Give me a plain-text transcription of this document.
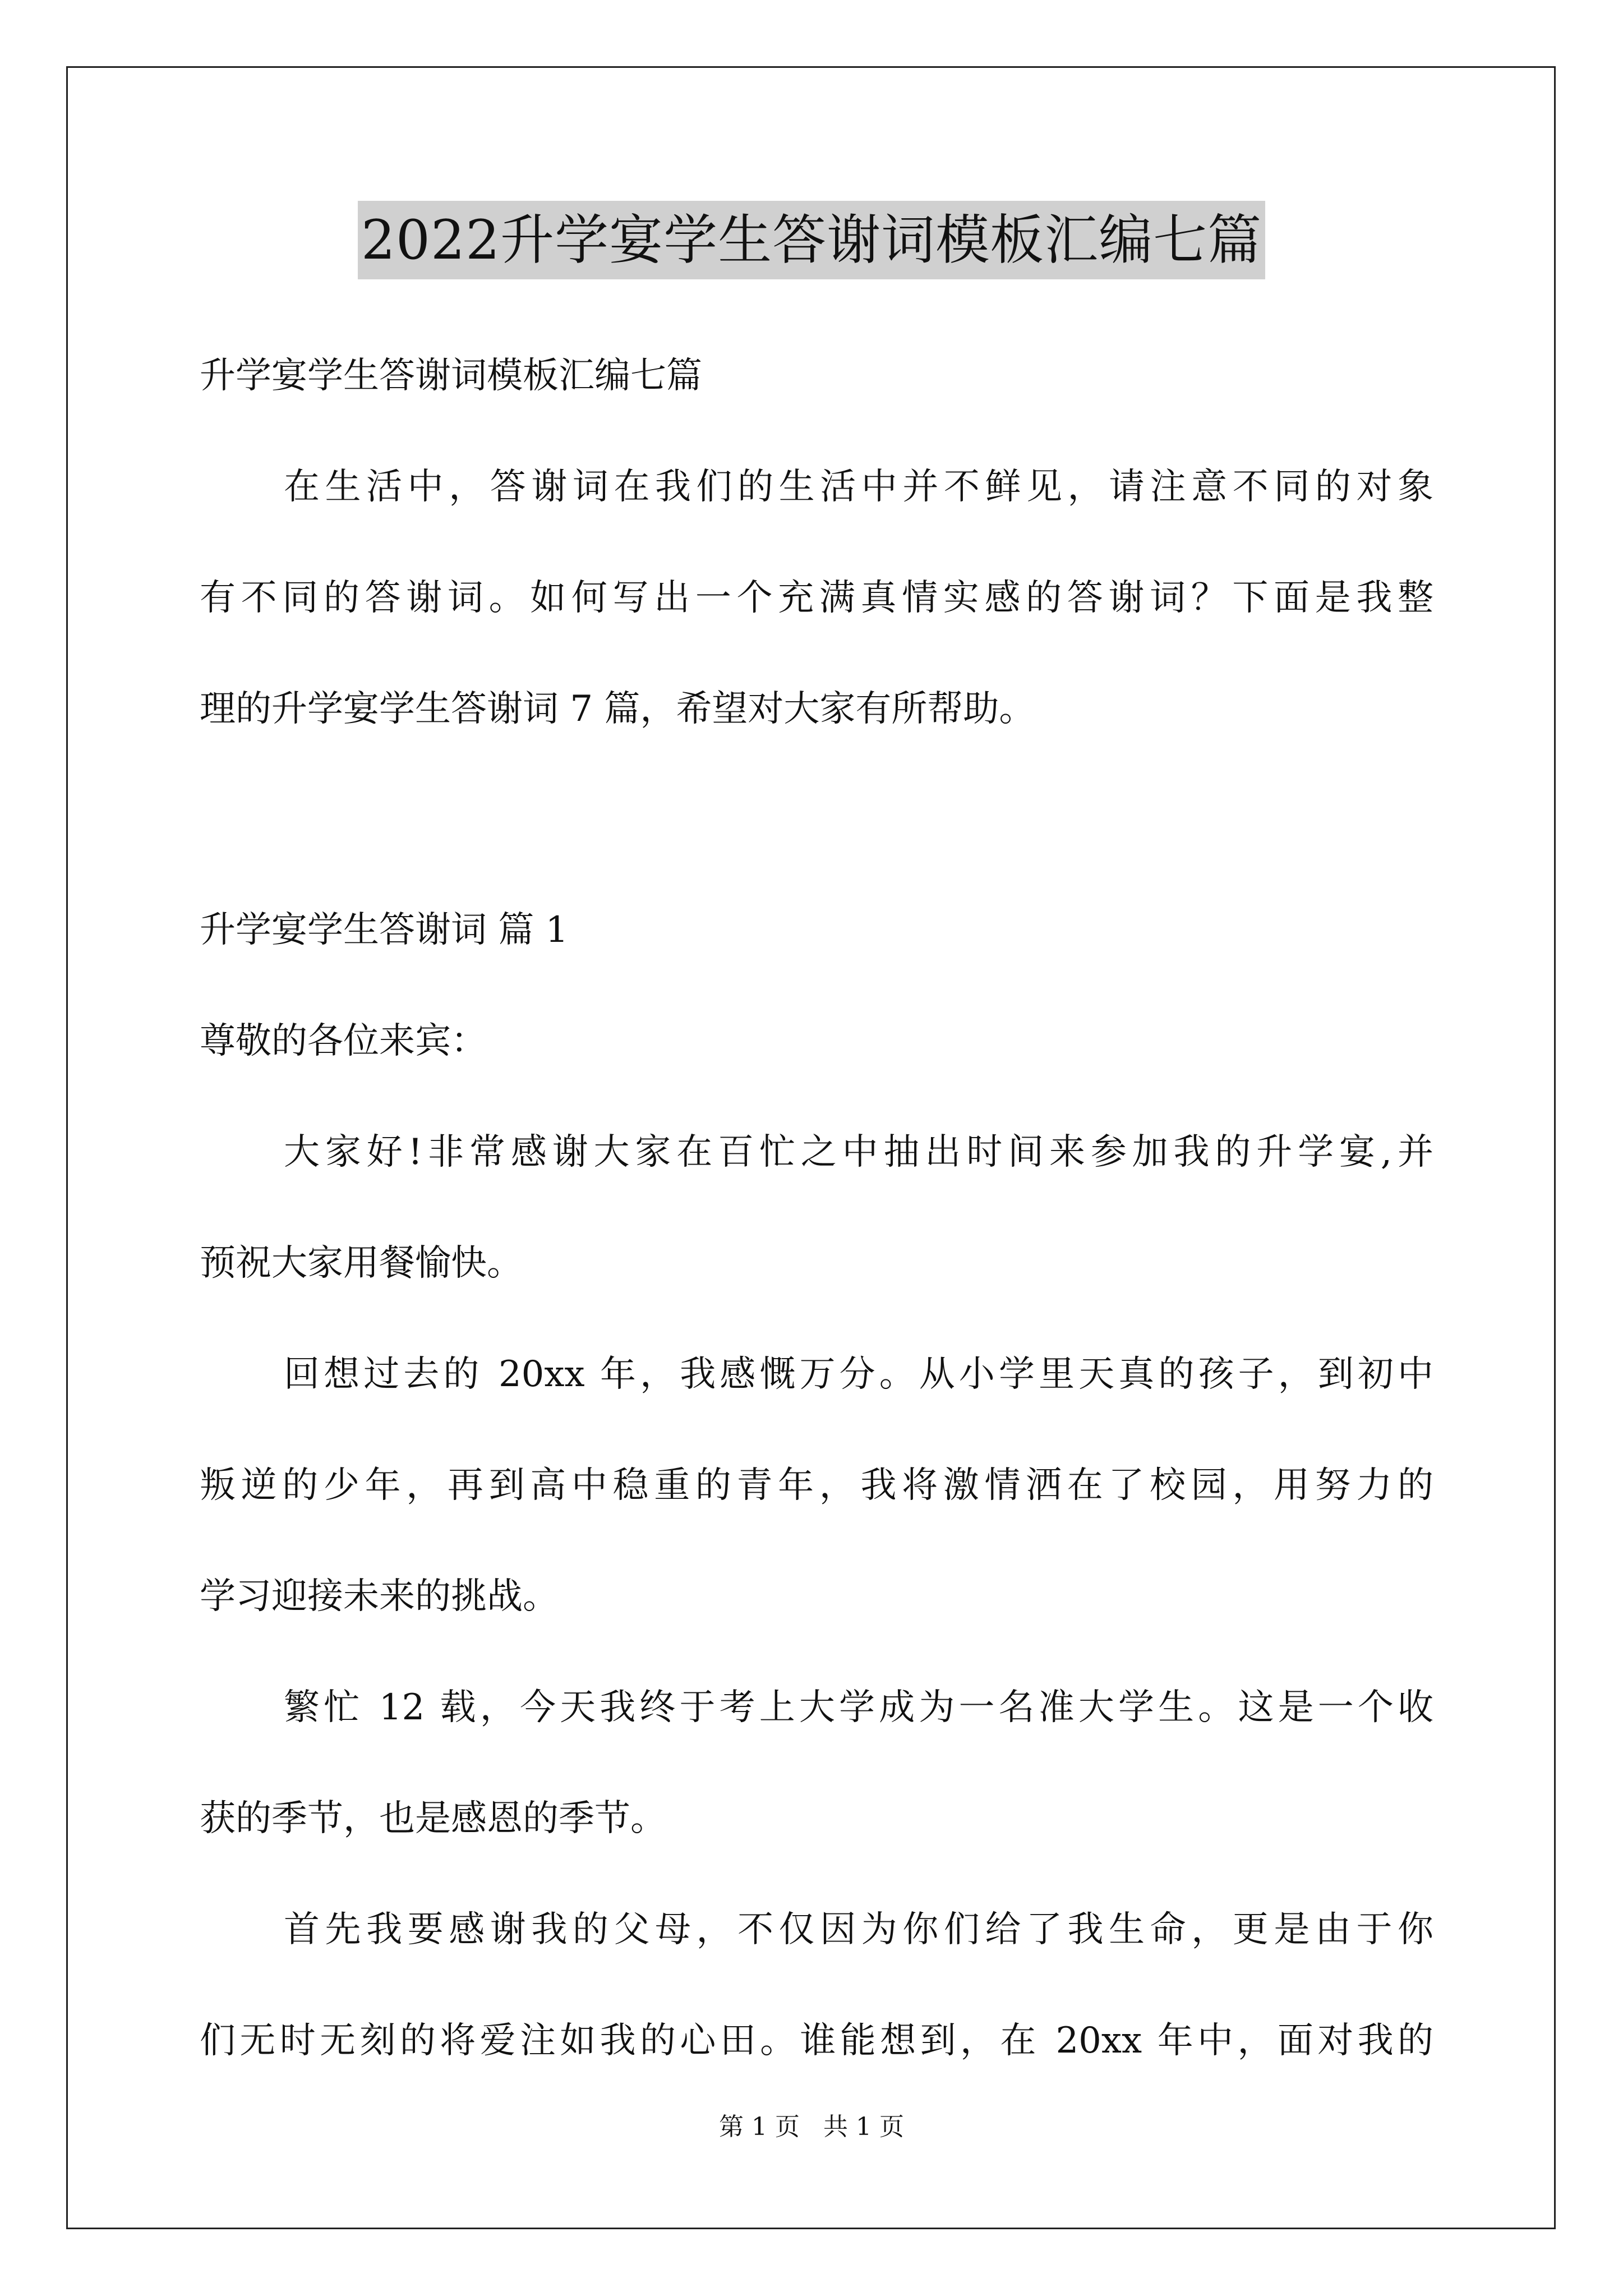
2022升学宴学生答谢词模板汇编七篇
升学宴学生答谢词模板汇编七篇
在生活中，答谢词在我们的生活中并不鲜见，请注意不同的对象
有不同的答谢词。如何写出一个充满真情实感的答谢词？下面是我整
理的升学宴学生答谢词 7 篇，希望对大家有所帮助。
升学宴学生答谢词 篇 1
尊敬的各位来宾：
大家好!非常感谢大家在百忙之中抽出时间来参加我的升学宴,并
预祝大家用餐愉快。
回想过去的 20xx 年，我感慨万分。从小学里天真的孩子，到初中
叛逆的少年，再到高中稳重的青年，我将激情洒在了校园，用努力的
学习迎接未来的挑战。
繁忙 12 载，今天我终于考上大学成为一名准大学生。这是一个收
获的季节，也是感恩的季节。
首先我要感谢我的父母，不仅因为你们给了我生命，更是由于你
们无时无刻的将爱注如我的心田。谁能想到，在 20xx 年中，面对我的
第 1 页 共 1 页
